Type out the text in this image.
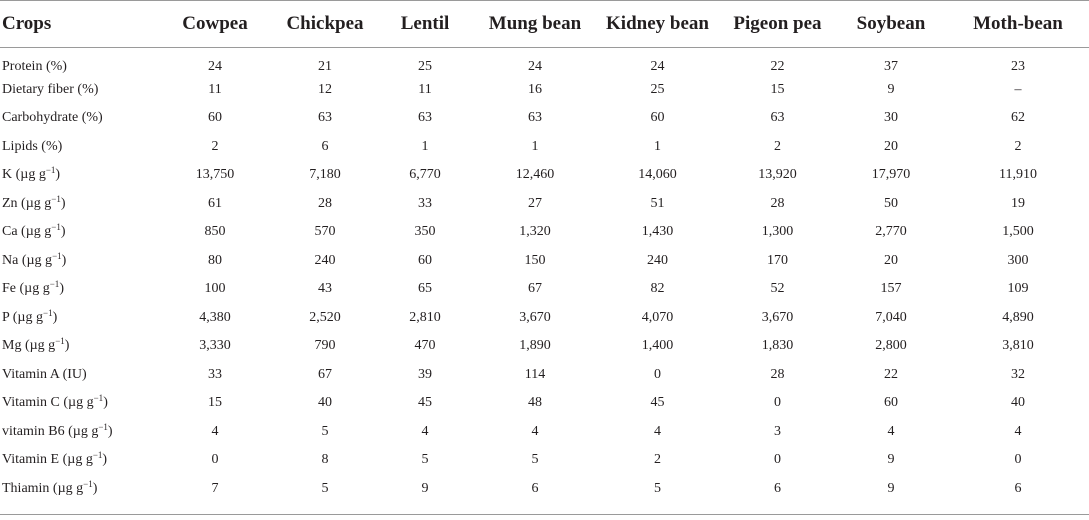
Crops	Cowpea	Chickpea	Lentil	Mung bean	Kidney bean	Pigeon pea	Soybean	Moth-bean
Protein (%)	24	21	25	24	24	22	37	23
Dietary fiber (%)	11	12	11	16	25	15	9	–
Carbohydrate (%)	60	63	63	63	60	63	30	62
Lipids (%)	2	6	1	1	1	2	20	2
K (µg $g^{-1}$)	13,750	7,180	6,770	12,460	14,060	13,920	17,970	11,910
Zn (µg $g^{-1}$)	61	28	33	27	51	28	50	19
Ca (µg $g^{-1}$)	850	570	350	1,320	1,430	1,300	2,770	1,500
Na (µg $g^{-1}$)	80	240	60	150	240	170	20	300
Fe (µg $g^{-1}$)	100	43	65	67	82	52	157	109
P (µg $g^{-1}$)	4,380	2,520	2,810	3,670	4,070	3,670	7,040	4,890
Mg (µg $g^{-1}$)	3,330	790	470	1,890	1,400	1,830	2,800	3,810
Vitamin A (IU)	33	67	39	114	0	28	22	32
Vitamin C (µg $g^{-1}$)	15	40	45	48	45	0	60	40
vitamin B6 (µg $g^{-1}$)	4	5	4	4	4	3	4	4
Vitamin E (µg $g^{-1}$)	0	8	5	5	2	0	9	0
Thiamin (µg $g^{-1}$)	7	5	9	6	5	6	9	6
